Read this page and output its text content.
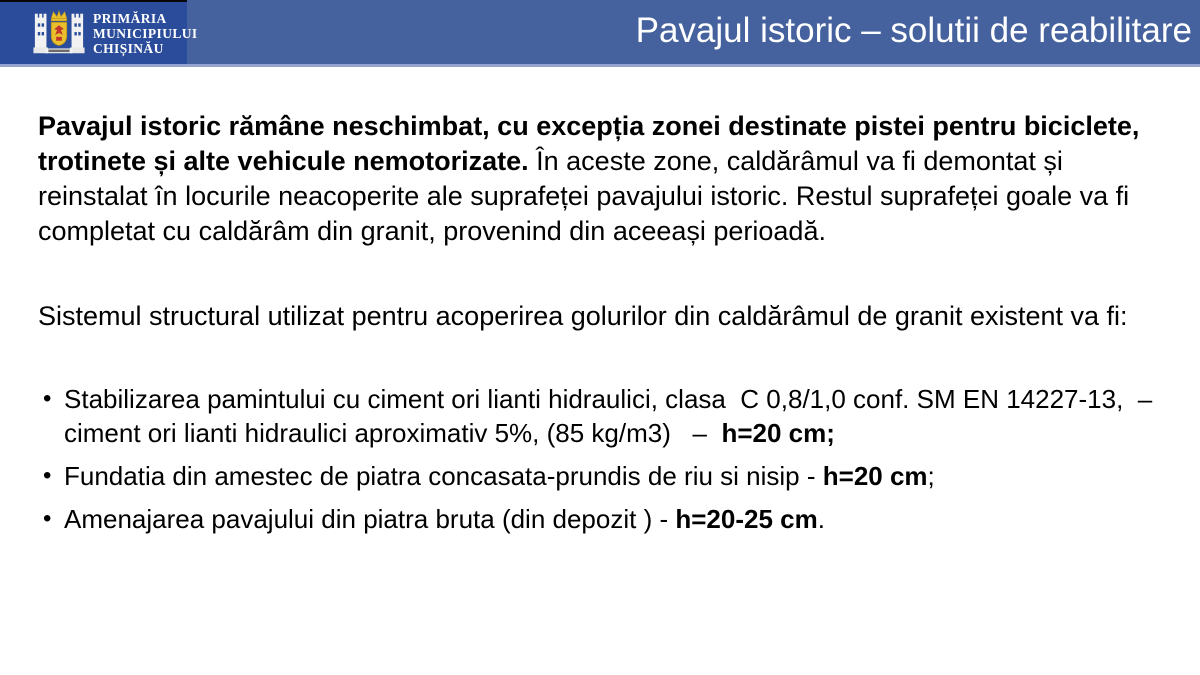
PRIMĂRIA
MUNICIPIULUI
CHIȘINĂU	Pavajul istoric – solutii de reabilitare

Pavajul istoric rămâne neschimbat, cu excepția zonei destinate pistei pentru biciclete, trotinete și alte vehicule nemotorizate. În aceste zone, caldărâmul va fi demontat și reinstalat în locurile neacoperite ale suprafeței pavajului istoric. Restul suprafeței goale va fi completat cu caldărâm din granit, provenind din aceeași perioadă.

Sistemul structural utilizat pentru acoperirea golurilor din caldărâmul de granit existent va fi:

• Stabilizarea pamintului cu ciment ori lianti hidraulici, clasa  C 0,8/1,0 conf. SM EN 14227-13,  – ciment ori lianti hidraulici aproximativ 5%, (85 kg/m3)   –  h=20 cm;
• Fundatia din amestec de piatra concasata-prundis de riu si nisip - h=20 cm;
• Amenajarea pavajului din piatra bruta (din depozit ) - h=20-25 cm.
